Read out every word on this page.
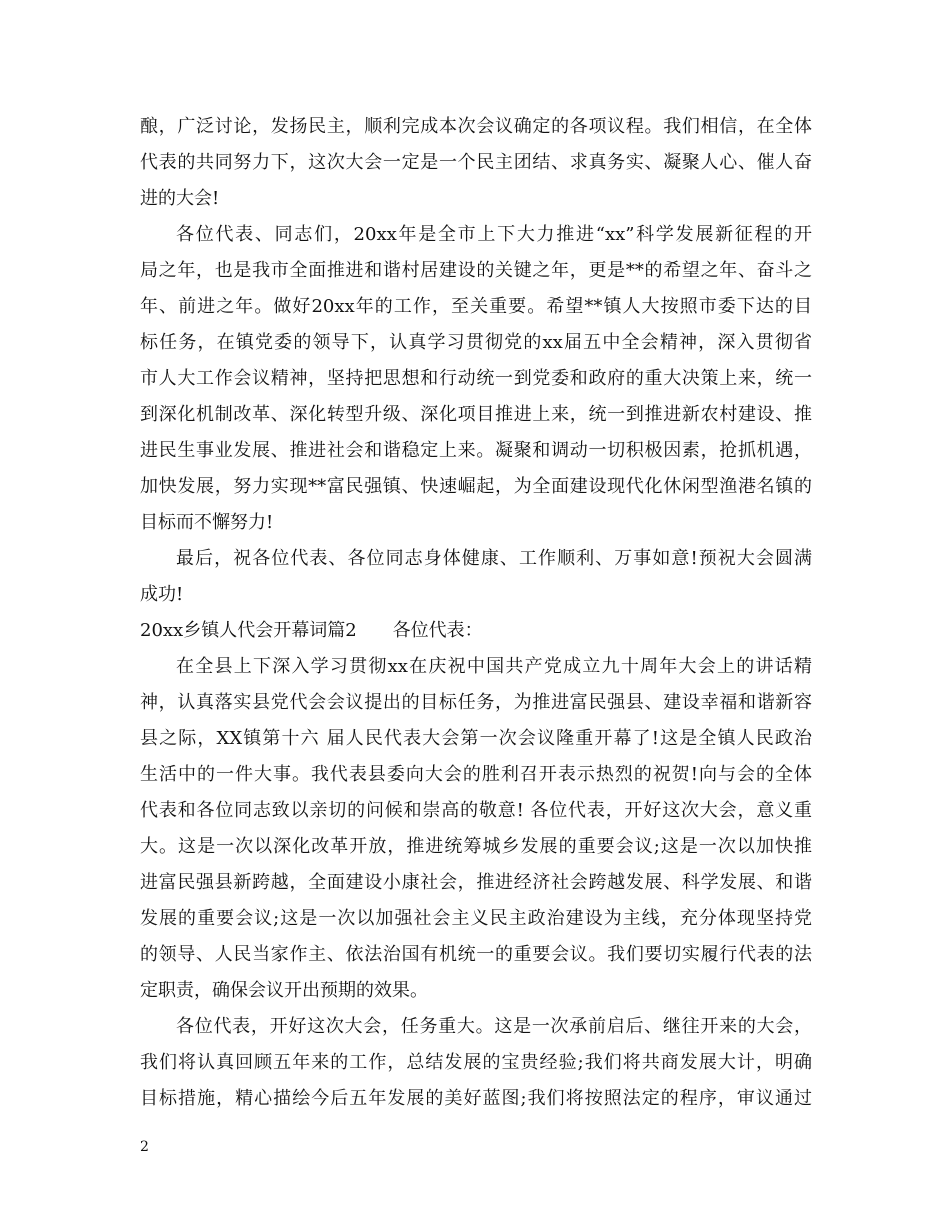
酿，广泛讨论，发扬民主，顺利完成本次会议确定的各项议程。我们相信，在全体
代表的共同努力下，这次大会一定是一个民主团结、求真务实、凝聚人心、催人奋
进的大会!
各位代表、同志们，20xx年是全市上下大力推进“xx”科学发展新征程的开
局之年，也是我市全面推进和谐村居建设的关键之年，更是**的希望之年、奋斗之
年、前进之年。做好20xx年的工作，至关重要。希望**镇人大按照市委下达的目
标任务，在镇党委的领导下，认真学习贯彻党的xx届五中全会精神，深入贯彻省
市人大工作会议精神，坚持把思想和行动统一到党委和政府的重大决策上来，统一
到深化机制改革、深化转型升级、深化项目推进上来，统一到推进新农村建设、推
进民生事业发展、推进社会和谐稳定上来。凝聚和调动一切积极因素，抢抓机遇，
加快发展，努力实现**富民强镇、快速崛起，为全面建设现代化休闲型渔港名镇的
目标而不懈努力!
最后，祝各位代表、各位同志身体健康、工作顺利、万事如意!预祝大会圆满
成功!
20xx乡镇人代会开幕词篇2　　各位代表：
在全县上下深入学习贯彻xx在庆祝中国共产党成立九十周年大会上的讲话精
神，认真落实县党代会会议提出的目标任务，为推进富民强县、建设幸福和谐新容
县之际，XX镇第十六 届人民代表大会第一次会议隆重开幕了!这是全镇人民政治
生活中的一件大事。我代表县委向大会的胜利召开表示热烈的祝贺!向与会的全体
代表和各位同志致以亲切的问候和崇高的敬意! 各位代表，开好这次大会，意义重
大。这是一次以深化改革开放，推进统筹城乡发展的重要会议;这是一次以加快推
进富民强县新跨越，全面建设小康社会，推进经济社会跨越发展、科学发展、和谐
发展的重要会议;这是一次以加强社会主义民主政治建设为主线，充分体现坚持党
的领导、人民当家作主、依法治国有机统一的重要会议。我们要切实履行代表的法
定职责，确保会议开出预期的效果。
各位代表，开好这次大会，任务重大。这是一次承前启后、继往开来的大会，
我们将认真回顾五年来的工作，总结发展的宝贵经验;我们将共商发展大计，明确
目标措施，精心描绘今后五年发展的美好蓝图;我们将按照法定的程序，审议通过
2
